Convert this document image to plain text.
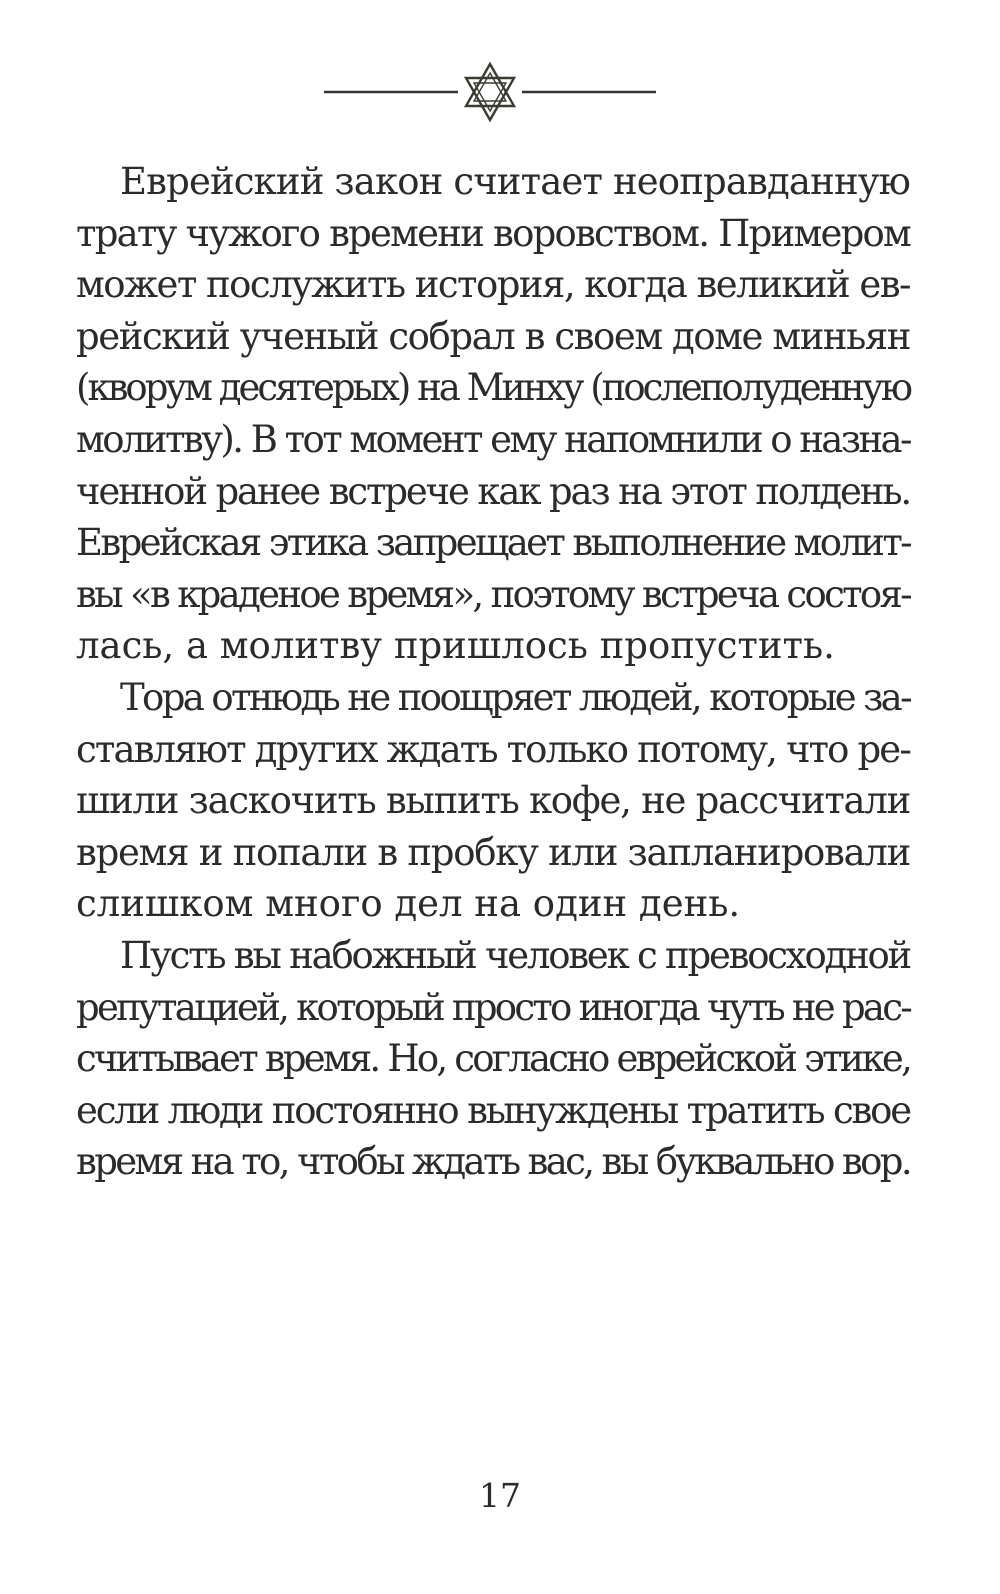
Еврейский закон считает неоправданную
трату чужого времени воровством. Примером
может послужить история, когда великий ев-
рейский ученый собрал в своем доме миньян
(кворум десятерых) на Минху (послеполуденную
молитву). В тот момент ему напомнили о назна-
ченной ранее встрече как раз на этот полдень.
Еврейская этика запрещает выполнение молит-
вы «в краденое время», поэтому встреча состоя-
лась, а молитву пришлось пропустить.
Тора отнюдь не поощряет людей, которые за-
ставляют других ждать только потому, что ре-
шили заскочить выпить кофе, не рассчитали
время и попали в пробку или запланировали
слишком много дел на один день.
Пусть вы набожный человек с превосходной
репутацией, который просто иногда чуть не рас-
считывает время. Но, согласно еврейской этике,
если люди постоянно вынуждены тратить свое
время на то, чтобы ждать вас, вы буквально вор.
17
